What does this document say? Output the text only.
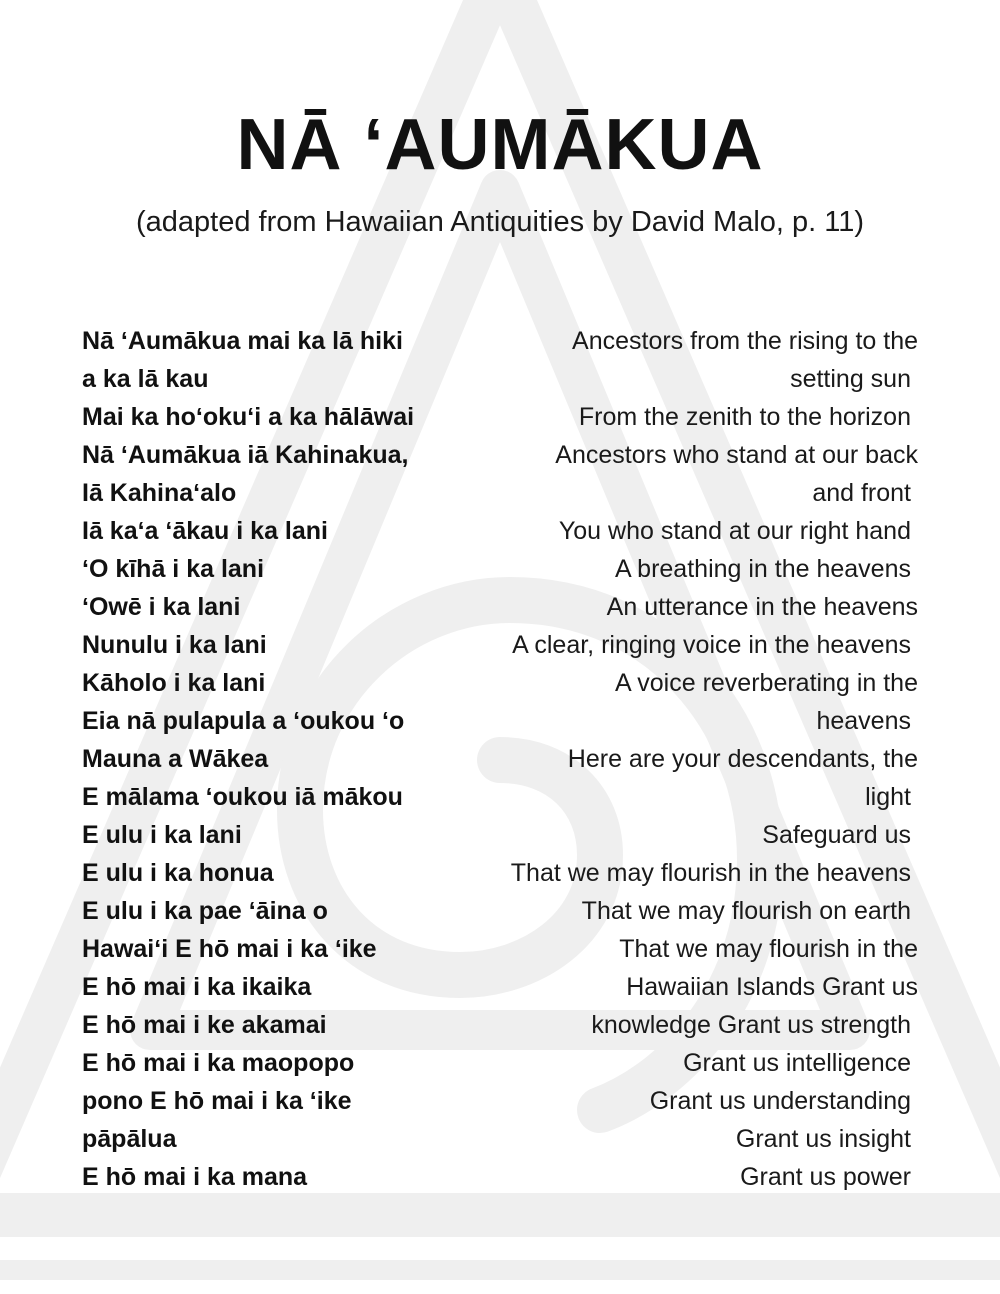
NĀ ʻAUMĀKUA

(adapted from Hawaiian Antiquities by David Malo, p. 11)

Nā ʻAumākua mai ka lā hiki
a ka lā kau
Mai ka hoʻokuʻi a ka hālāwai
Nā ʻAumākua iā Kahinakua,
Iā Kahinaʻalo
Iā kaʻa ʻākau i ka lani
ʻO kīhā i ka lani
ʻOwē i ka lani
Nunulu i ka lani
Kāholo i ka lani
Eia nā pulapula a ʻoukou ʻo
Mauna a Wākea
E mālama ʻoukou iā mākou
E ulu i ka lani
E ulu i ka honua
E ulu i ka pae ʻāina o
Hawaiʻi E hō mai i ka ʻike
E hō mai i ka ikaika
E hō mai i ke akamai
E hō mai i ka maopopo
pono E hō mai i ka ʻike
pāpālua
E hō mai i ka mana
Ancestors from the rising to the
setting sun
From the zenith to the horizon
Ancestors who stand at our back
and front
You who stand at our right hand
A breathing in the heavens
An utterance in the heavens
A clear, ringing voice in the heavens
A voice reverberating in the
heavens
Here are your descendants, the
light
Safeguard us
That we may flourish in the heavens
That we may flourish on earth
That we may flourish in the
Hawaiian Islands Grant us
knowledge Grant us strength
Grant us intelligence
Grant us understanding
Grant us insight
Grant us power
